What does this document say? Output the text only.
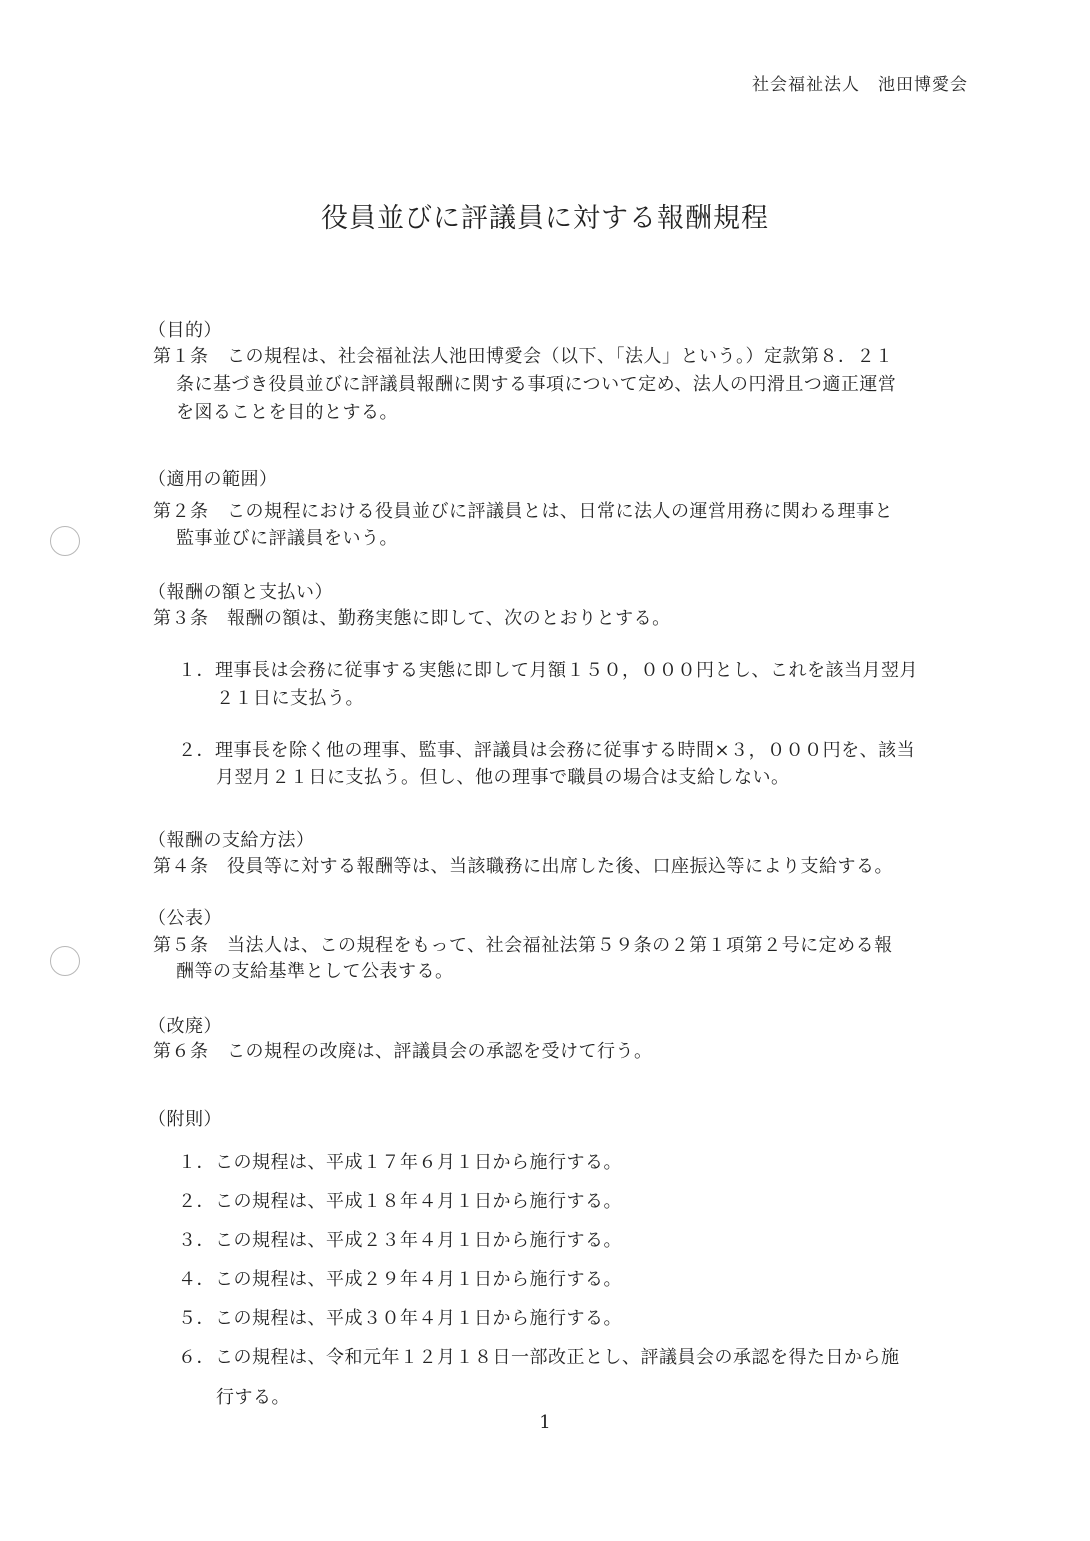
社会福祉法人　池田博愛会
役員並びに評議員に対する報酬規程
（目的）
第１条　この規程は、社会福祉法人池田博愛会（以下、「法人」という。）定款第８．２１
条に基づき役員並びに評議員報酬に関する事項について定め、法人の円滑且つ適正運営
を図ることを目的とする。
（適用の範囲）
第２条　この規程における役員並びに評議員とは、日常に法人の運営用務に関わる理事と
監事並びに評議員をいう。
（報酬の額と支払い）
第３条　報酬の額は、勤務実態に即して、次のとおりとする。
１．理事長は会務に従事する実態に即して月額１５０，０００円とし、これを該当月翌月
２１日に支払う。
２．理事長を除く他の理事、監事、評議員は会務に従事する時間×３，０００円を、該当
月翌月２１日に支払う。但し、他の理事で職員の場合は支給しない。
（報酬の支給方法）
第４条　役員等に対する報酬等は、当該職務に出席した後、口座振込等により支給する。
（公表）
第５条　当法人は、この規程をもって、社会福祉法第５９条の２第１項第２号に定める報
酬等の支給基準として公表する。
（改廃）
第６条　この規程の改廃は、評議員会の承認を受けて行う。
（附則）
１．この規程は、平成１７年６月１日から施行する。
２．この規程は、平成１８年４月１日から施行する。
３．この規程は、平成２３年４月１日から施行する。
４．この規程は、平成２９年４月１日から施行する。
５．この規程は、平成３０年４月１日から施行する。
６．この規程は、令和元年１２月１８日一部改正とし、評議員会の承認を得た日から施
行する。
1
